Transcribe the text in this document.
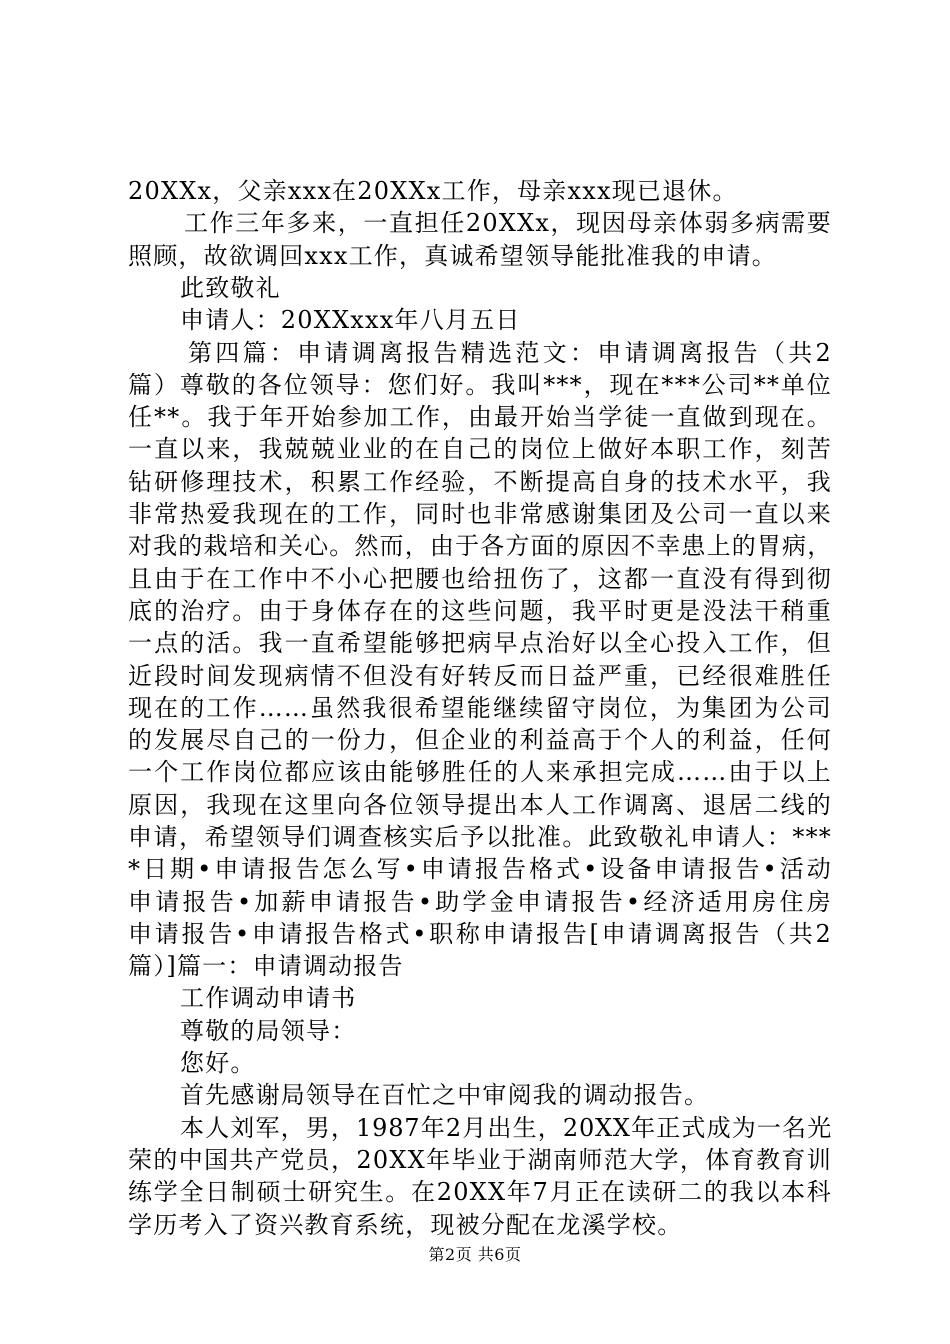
20XXx，父亲xxx在20XXx工作，母亲xxx现已退休。
工作三年多来，一直担任20XXx，现因母亲体弱多病需要
照顾，故欲调回xxx工作，真诚希望领导能批准我的申请。
此致敬礼
申请人：20XXxxx年八月五日
第四篇：申请调离报告精选范文：申请调离报告（共2
篇）尊敬的各位领导：您们好。我叫***，现在***公司**单位
任**。我于年开始参加工作，由最开始当学徒一直做到现在。
一直以来，我兢兢业业的在自己的岗位上做好本职工作，刻苦
钻研修理技术，积累工作经验，不断提高自身的技术水平，我
非常热爱我现在的工作，同时也非常感谢集团及公司一直以来
对我的栽培和关心。然而，由于各方面的原因不幸患上的胃病，
且由于在工作中不小心把腰也给扭伤了，这都一直没有得到彻
底的治疗。由于身体存在的这些问题，我平时更是没法干稍重
一点的活。我一直希望能够把病早点治好以全心投入工作，但
近段时间发现病情不但没有好转反而日益严重，已经很难胜任
现在的工作……虽然我很希望能继续留守岗位，为集团为公司
的发展尽自己的一份力，但企业的利益高于个人的利益，任何
一个工作岗位都应该由能够胜任的人来承担完成……由于以上
原因，我现在这里向各位领导提出本人工作调离、退居二线的
申请，希望领导们调查核实后予以批准。此致敬礼申请人：***
*日期•申请报告怎么写•申请报告格式•设备申请报告•活动
申请报告•加薪申请报告•助学金申请报告•经济适用房住房
申请报告•申请报告格式•职称申请报告[申请调离报告（共2
篇）]篇一：申请调动报告
工作调动申请书
尊敬的局领导：
您好。
首先感谢局领导在百忙之中审阅我的调动报告。
本人刘军，男，1987年2月出生，20XX年正式成为一名光
荣的中国共产党员，20XX年毕业于湖南师范大学，体育教育训
练学全日制硕士研究生。在20XX年7月正在读研二的我以本科
学历考入了资兴教育系统，现被分配在龙溪学校。
第2页 共6页
